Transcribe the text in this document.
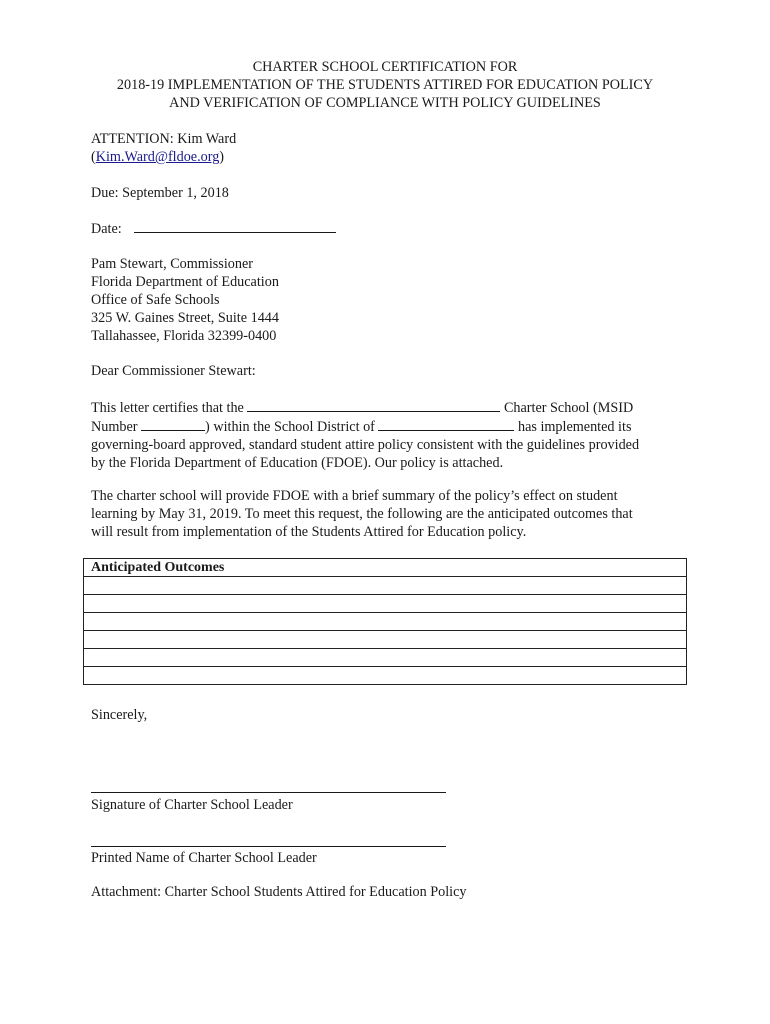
CHARTER SCHOOL CERTIFICATION FOR
2018-19 IMPLEMENTATION OF THE STUDENTS ATTIRED FOR EDUCATION POLICY
AND VERIFICATION OF COMPLIANCE WITH POLICY GUIDELINES
ATTENTION: Kim Ward
(Kim.Ward@fldoe.org)
Due: September 1, 2018
Date:
Pam Stewart, Commissioner
Florida Department of Education
Office of Safe Schools
325 W. Gaines Street, Suite 1444
Tallahassee, Florida 32399-0400
Dear Commissioner Stewart:
This letter certifies that the	Charter School (MSID
Number	) within the School District of	has implemented its
governing-board approved, standard student attire policy consistent with the guidelines provided
by the Florida Department of Education (FDOE). Our policy is attached.
The charter school will provide FDOE with a brief summary of the policy’s effect on student
learning by May 31, 2019. To meet this request, the following are the anticipated outcomes that
will result from implementation of the Students Attired for Education policy.
Anticipated Outcomes

Sincerely,
Signature of Charter School Leader
Printed Name of Charter School Leader
Attachment: Charter School Students Attired for Education Policy
